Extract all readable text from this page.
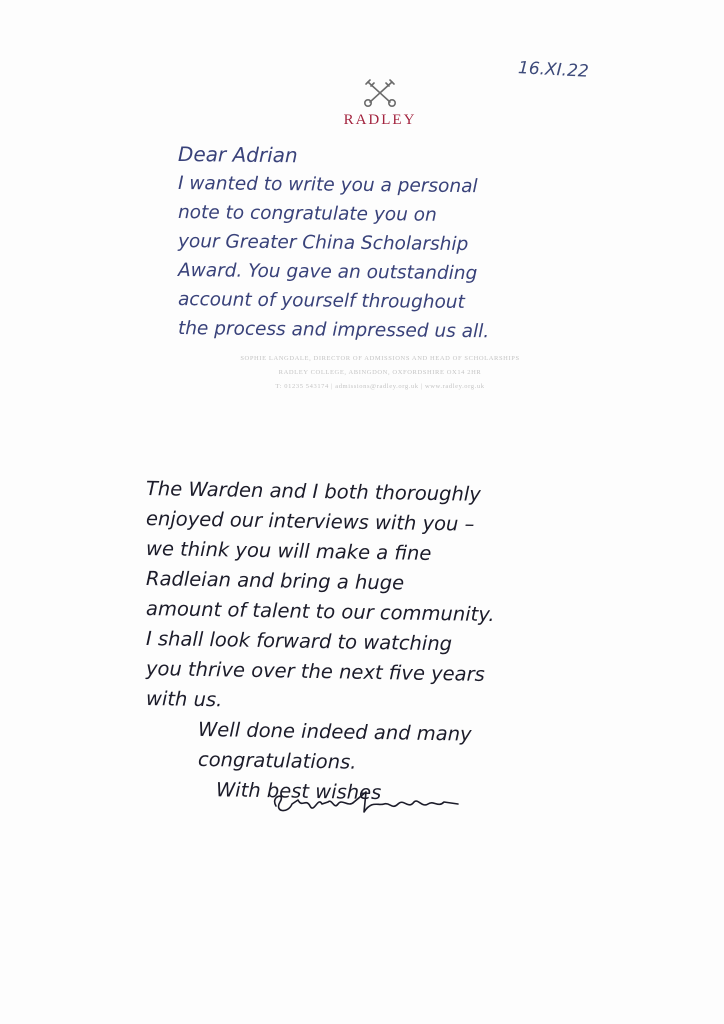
16.XI.22
RADLEY
Dear Adrian
I wanted to write you a personal
note to congratulate you on
your Greater China Scholarship
Award. You gave an outstanding
account of yourself throughout
the process and impressed us all.
SOPHIE LANGDALE, DIRECTOR OF ADMISSIONS AND HEAD OF SCHOLARSHIPS
RADLEY COLLEGE, ABINGDON, OXFORDSHIRE OX14 2HR
T: 01235 543174 | admissions@radley.org.uk | www.radley.org.uk
The Warden and I both thoroughly
enjoyed our interviews with you –
we think you will make a fine
Radleian and bring a huge
amount of talent to our community.
I shall look forward to watching
you thrive over the next five years
with us.
Well done indeed and many
congratulations.
With best wishes
